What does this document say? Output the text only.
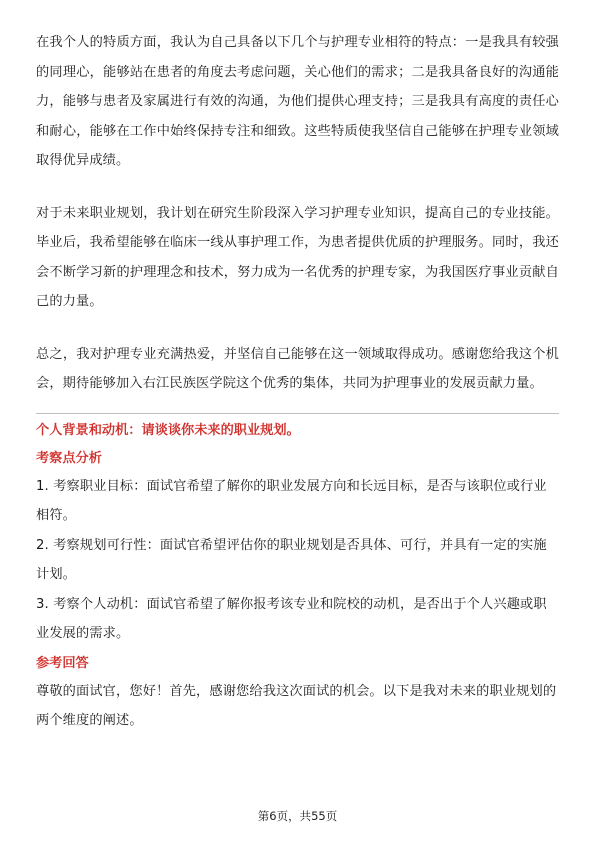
在我个人的特质方面，我认为自己具备以下几个与护理专业相符的特点：一是我具有较强的同理心，能够站在患者的角度去考虑问题，关心他们的需求；二是我具备良好的沟通能力，能够与患者及家属进行有效的沟通，为他们提供心理支持；三是我具有高度的责任心和耐心，能够在工作中始终保持专注和细致。这些特质使我坚信自己能够在护理专业领域取得优异成绩。

对于未来职业规划，我计划在研究生阶段深入学习护理专业知识，提高自己的专业技能。毕业后，我希望能够在临床一线从事护理工作，为患者提供优质的护理服务。同时，我还会不断学习新的护理理念和技术，努力成为一名优秀的护理专家，为我国医疗事业贡献自己的力量。

总之，我对护理专业充满热爱，并坚信自己能够在这一领域取得成功。感谢您给我这个机会，期待能够加入右江民族医学院这个优秀的集体，共同为护理事业的发展贡献力量。

个人背景和动机：请谈谈你未来的职业规划。

考察点分析

1. 考察职业目标：面试官希望了解你的职业发展方向和长远目标，是否与该职位或行业相符。

2. 考察规划可行性：面试官希望评估你的职业规划是否具体、可行，并具有一定的实施计划。

3. 考察个人动机：面试官希望了解你报考该专业和院校的动机，是否出于个人兴趣或职业发展的需求。

参考回答

尊敬的面试官，您好！首先，感谢您给我这次面试的机会。以下是我对未来的职业规划的两个维度的阐述。

第6页，共55页
